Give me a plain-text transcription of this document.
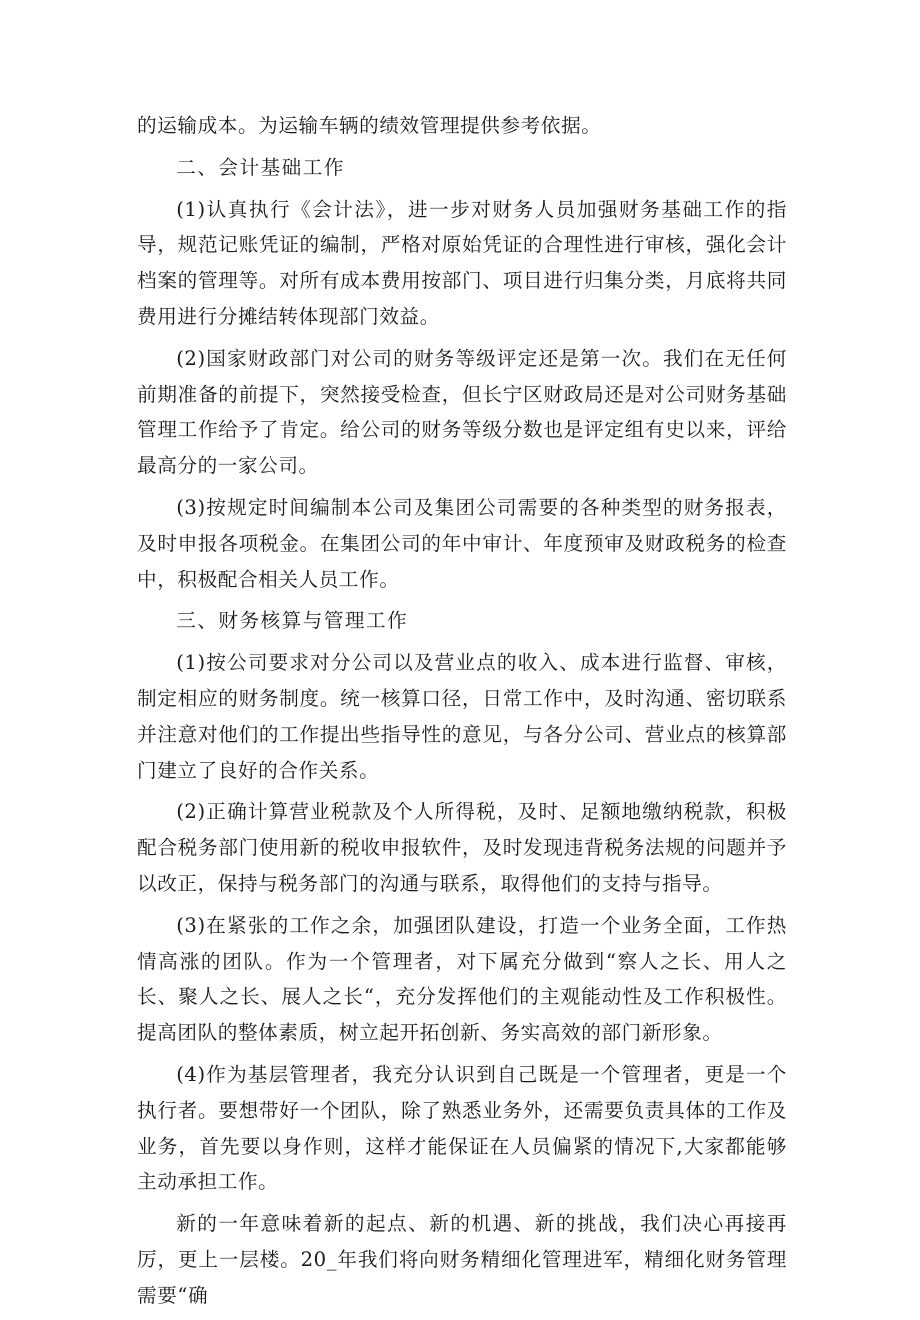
的运输成本。为运输车辆的绩效管理提供参考依据。

二、会计基础工作

(1)认真执行《会计法》，进一步对财务人员加强财务基础工作的指导，规范记账凭证的编制，严格对原始凭证的合理性进行审核，强化会计档案的管理等。对所有成本费用按部门、项目进行归集分类，月底将共同费用进行分摊结转体现部门效益。

(2)国家财政部门对公司的财务等级评定还是第一次。我们在无任何前期准备的前提下，突然接受检查，但长宁区财政局还是对公司财务基础管理工作给予了肯定。给公司的财务等级分数也是评定组有史以来，评给最高分的一家公司。

(3)按规定时间编制本公司及集团公司需要的各种类型的财务报表，及时申报各项税金。在集团公司的年中审计、年度预审及财政税务的检查中，积极配合相关人员工作。

三、财务核算与管理工作

(1)按公司要求对分公司以及营业点的收入、成本进行监督、审核，制定相应的财务制度。统一核算口径，日常工作中，及时沟通、密切联系并注意对他们的工作提出些指导性的意见，与各分公司、营业点的核算部门建立了良好的合作关系。

(2)正确计算营业税款及个人所得税，及时、足额地缴纳税款，积极配合税务部门使用新的税收申报软件，及时发现违背税务法规的问题并予以改正，保持与税务部门的沟通与联系，取得他们的支持与指导。

(3)在紧张的工作之余，加强团队建设，打造一个业务全面，工作热情高涨的团队。作为一个管理者，对下属充分做到“察人之长、用人之长、聚人之长、展人之长“，充分发挥他们的主观能动性及工作积极性。提高团队的整体素质，树立起开拓创新、务实高效的部门新形象。

(4)作为基层管理者，我充分认识到自己既是一个管理者，更是一个执行者。要想带好一个团队，除了熟悉业务外，还需要负责具体的工作及业务，首先要以身作则，这样才能保证在人员偏紧的情况下,大家都能够主动承担工作。

新的一年意味着新的起点、新的机遇、新的挑战，我们决心再接再厉，更上一层楼。20_年我们将向财务精细化管理进军，精细化财务管理需要“确
